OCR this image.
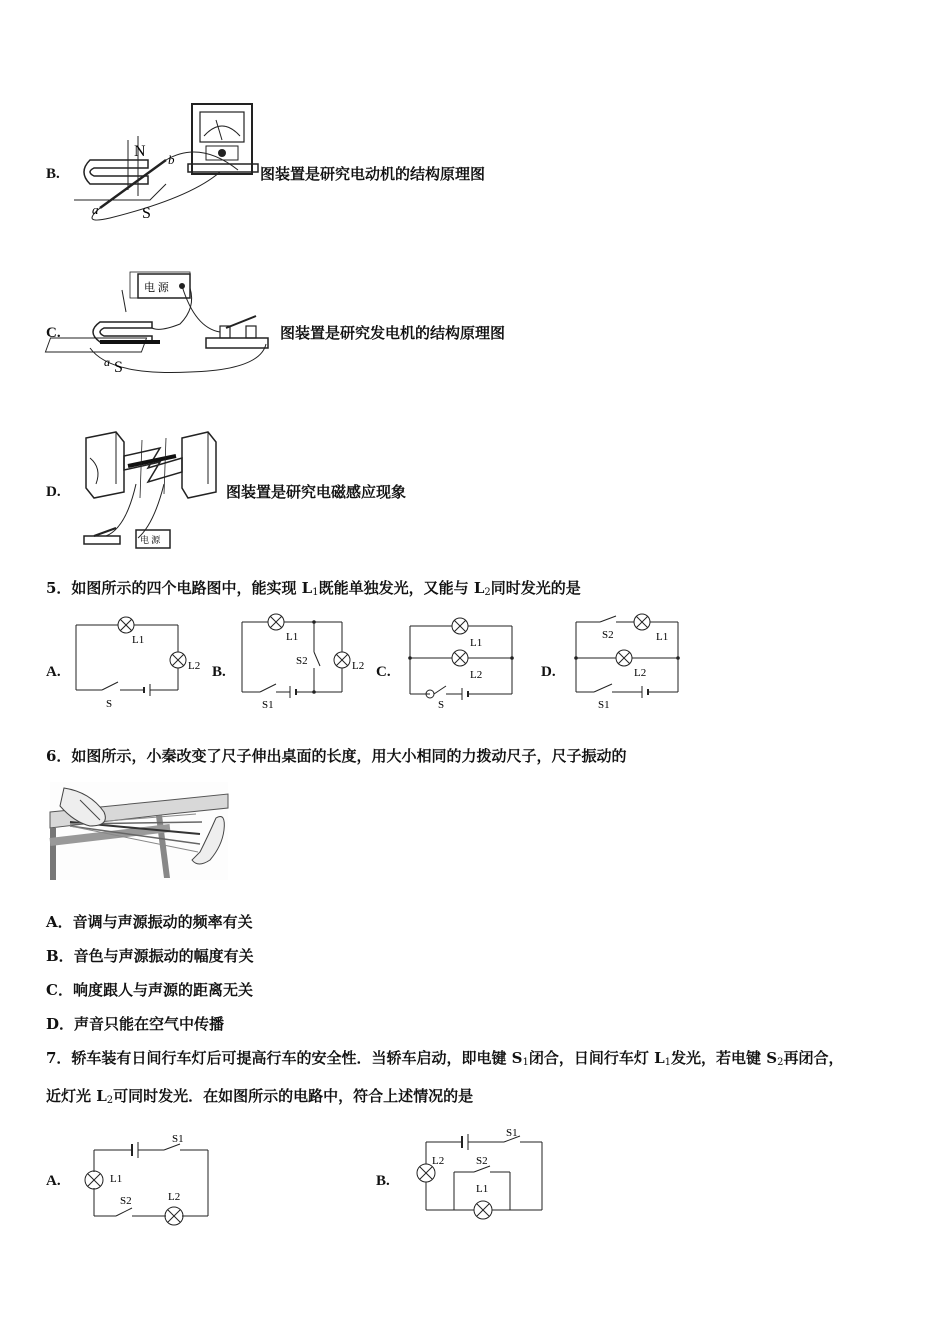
B.
N
S
b
a
图装置是研究电动机的结构原理图
C.
电 源
S
a
图装置是研究发电机的结构原理图
D.
电 源
图装置是研究电磁感应现象
5．如图所示的四个电路图中，能实现 $L_1$既能单独发光，又能与 $L_2$同时发光的是
A.	B.	C.	D.
L1
L2
S
L1
S2	L2
S1
L1
L2
S
S2	L1
L2
S1
6．如图所示，小秦改变了尺子伸出桌面的长度，用大小相同的力拨动尺子，尺子振动的
A．音调与声源振动的频率有关
B．音色与声源振动的幅度有关
C．响度跟人与声源的距离无关
D．声音只能在空气中传播
7．轿车装有日间行车灯后可提高行车的安全性．当轿车启动，即电键 $S_1$闭合，日间行车灯 $L_1$发光，若电键 $S_2$再闭合，
近灯光 $L_2$可同时发光．在如图所示的电路中，符合上述情况的是
A.	B.
S1
L1
S2	L2
S1
L2	S2
L1
